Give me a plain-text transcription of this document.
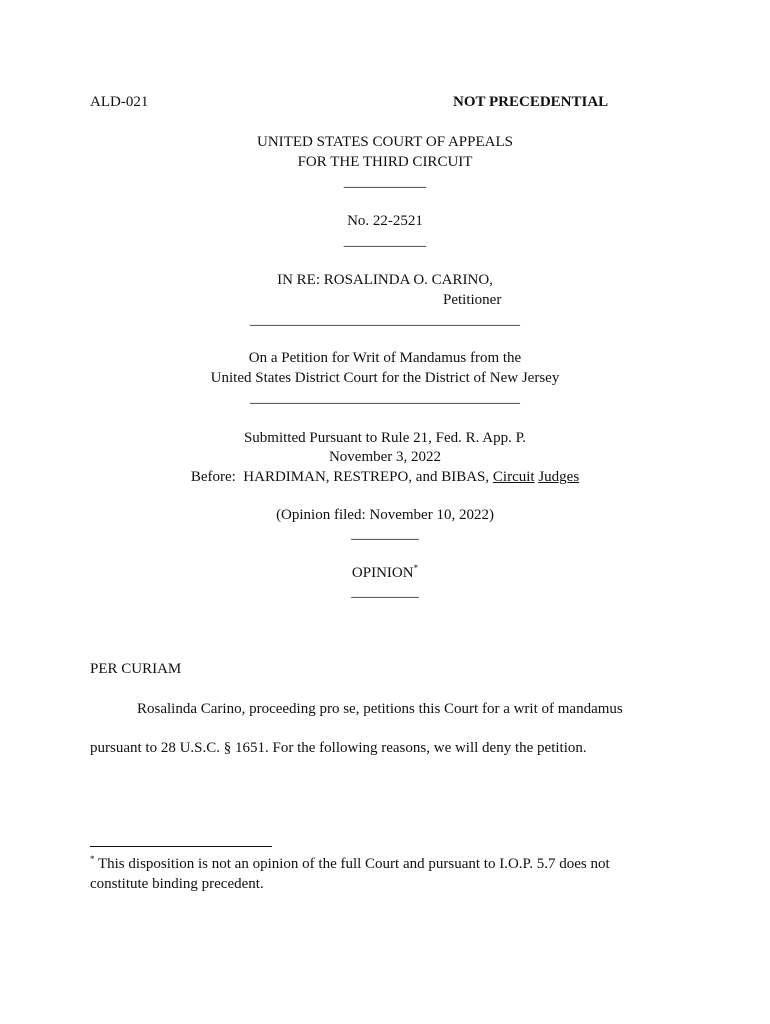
ALD-021	NOT PRECEDENTIAL
UNITED STATES COURT OF APPEALS
FOR THE THIRD CIRCUIT
___________
No. 22-2521
___________
IN RE: ROSALINDA O. CARINO,
Petitioner
____________________________________
On a Petition for Writ of Mandamus from the
United States District Court for the District of New Jersey
____________________________________
Submitted Pursuant to Rule 21, Fed. R. App. P.
November 3, 2022
Before:  HARDIMAN, RESTREPO, and BIBAS, Circuit Judges
(Opinion filed: November 10, 2022)
_________
OPINION*
_________
PER CURIAM
Rosalinda Carino, proceeding pro se, petitions this Court for a writ of mandamus
pursuant to 28 U.S.C. § 1651. For the following reasons, we will deny the petition.
* This disposition is not an opinion of the full Court and pursuant to I.O.P. 5.7 does not
constitute binding precedent.
